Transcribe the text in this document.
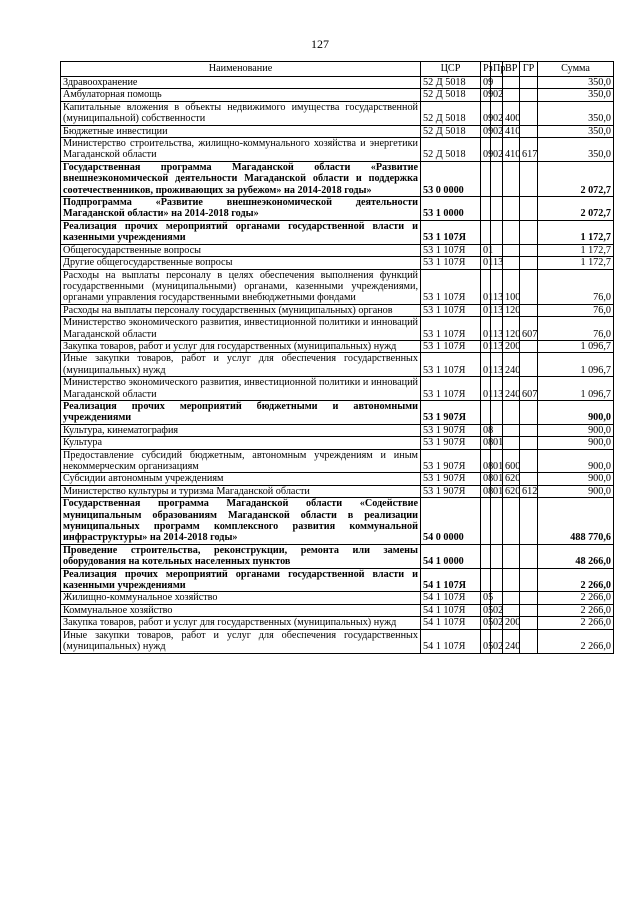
127
Наименование	ЦСР	Рз	Пр	ВР	ГР	Сумма
Здравоохранение	52 Д 5018	09				350,0
Амбулаторная помощь	52 Д 5018	09	02			350,0
Капитальные вложения в объекты недвижимого имущества государственной (муниципальной) собственности	52 Д 5018	09	02	400		350,0
Бюджетные инвестиции	52 Д 5018	09	02	410		350,0
Министерство строительства, жилищно-коммунального хозяйства и энергетики Магаданской области	52 Д 5018	09	02	410	617	350,0
Государственная программа Магаданской области «Развитие внешнеэкономической деятельности Магаданской области и поддержка соотечественников, проживающих за рубежом» на 2014-2018 годы»	53 0 0000					2 072,7
Подпрограмма «Развитие внешнеэкономической деятельности Магаданской области» на 2014-2018 годы»	53 1 0000					2 072,7
Реализация прочих мероприятий органами государственной власти и казенными учреждениями	53 1 107Я					1 172,7
Общегосударственные вопросы	53 1 107Я	01				1 172,7
Другие общегосударственные вопросы	53 1 107Я	01	13			1 172,7
Расходы на выплаты персоналу в целях обеспечения выполнения функций государственными (муниципальными) органами, казенными учреждениями, органами управления государственными внебюджетными фондами	53 1 107Я	01	13	100		76,0
Расходы на выплаты персоналу государственных (муниципальных) органов	53 1 107Я	01	13	120		76,0
Министерство экономического развития, инвестиционной политики и инноваций Магаданской области	53 1 107Я	01	13	120	607	76,0
Закупка товаров, работ и услуг для государственных (муниципальных) нужд	53 1 107Я	01	13	200		1 096,7
Иные закупки товаров, работ и услуг для обеспечения государственных (муниципальных) нужд	53 1 107Я	01	13	240		1 096,7
Министерство экономического развития, инвестиционной политики и инноваций Магаданской области	53 1 107Я	01	13	240	607	1 096,7
Реализация прочих мероприятий бюджетными и автономными учреждениями	53 1 907Я					900,0
Культура, кинематография	53 1 907Я	08				900,0
Культура	53 1 907Я	08	01			900,0
Предоставление субсидий бюджетным, автономным учреждениям и иным некоммерческим организациям	53 1 907Я	08	01	600		900,0
Субсидии автономным учреждениям	53 1 907Я	08	01	620		900,0
Министерство культуры и туризма Магаданской области	53 1 907Я	08	01	620	612	900,0
Государственная программа Магаданской области «Содействие муниципальным образованиям Магаданской области в реализации муниципальных программ комплексного развития коммунальной инфраструктуры» на 2014-2018 годы»	54 0 0000					488 770,6
Проведение строительства, реконструкции, ремонта или замены оборудования на котельных населенных пунктов	54 1 0000					48 266,0
Реализация прочих мероприятий органами государственной власти и казенными учреждениями	54 1 107Я					2 266,0
Жилищно-коммунальное хозяйство	54 1 107Я	05				2 266,0
Коммунальное хозяйство	54 1 107Я	05	02			2 266,0
Закупка товаров, работ и услуг для государственных (муниципальных) нужд	54 1 107Я	05	02	200		2 266,0
Иные закупки товаров, работ и услуг для обеспечения государственных (муниципальных) нужд	54 1 107Я	05	02	240		2 266,0
